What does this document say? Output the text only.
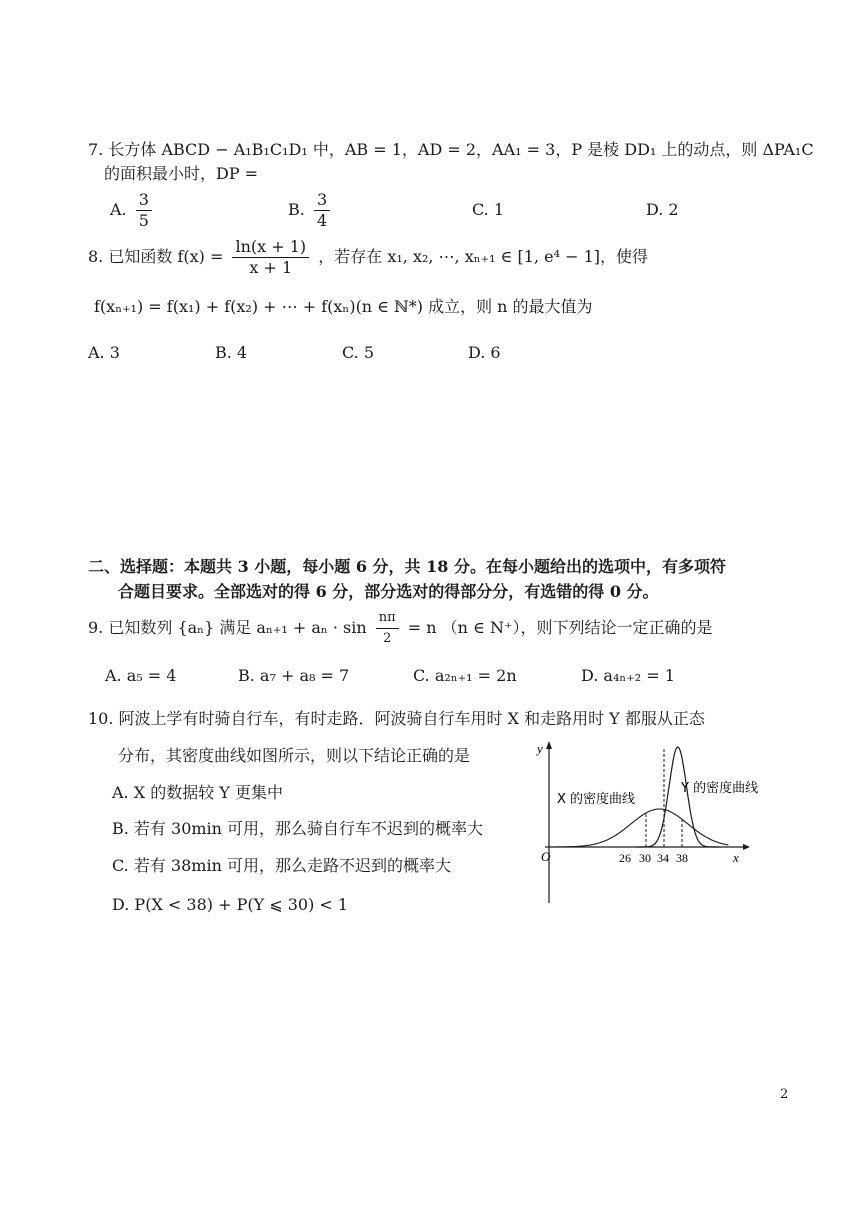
7. 长方体 ABCD − A₁B₁C₁D₁ 中，AB = 1，AD = 2，AA₁ = 3，P 是棱 DD₁ 上的动点，则 ΔPA₁C
的面积最小时，DP =
A. $\frac{3}{5}$	B. $\frac{3}{4}$	C. 1	D. 2
8. 已知函数 $f(x) = \frac{\ln(x + 1)}{x + 1}$ ，若存在 x₁, x₂, ⋯, xₙ₊₁ ∈ [1, e⁴ − 1]，使得
f(xₙ₊₁) = f(x₁) + f(x₂) + ⋯ + f(xₙ)(n ∈ ℕ*) 成立，则 n 的最大值为
A. 3	B. 4	C. 5	D. 6
二、选择题：本题共 3 小题，每小题 6 分，共 18 分。在每小题给出的选项中，有多项符
合题目要求。全部选对的得 6 分，部分选对的得部分分，有选错的得 0 分。
9. 已知数列 {aₙ} 满足 $a_{n+1} + a_n \cdot \sin \frac{n\pi}{2} = n$ （n ∈ N⁺），则下列结论一定正确的是
A. a₅ = 4	B. a₇ + a₈ = 7	C. a₂ₙ₊₁ = 2n	D. a₄ₙ₊₂ = 1
10. 阿波上学有时骑自行车，有时走路．阿波骑自行车用时 X 和走路用时 Y 都服从正态
分布，其密度曲线如图所示，则以下结论正确的是
A. X 的数据较 Y 更集中
B. 若有 30min 可用，那么骑自行车不迟到的概率大
C. 若有 38min 可用，那么走路不迟到的概率大
D. P(X < 38) + P(Y ⩽ 30) < 1
y
x
O
X 的密度曲线
Y 的密度曲线
26 30 34 38
2
